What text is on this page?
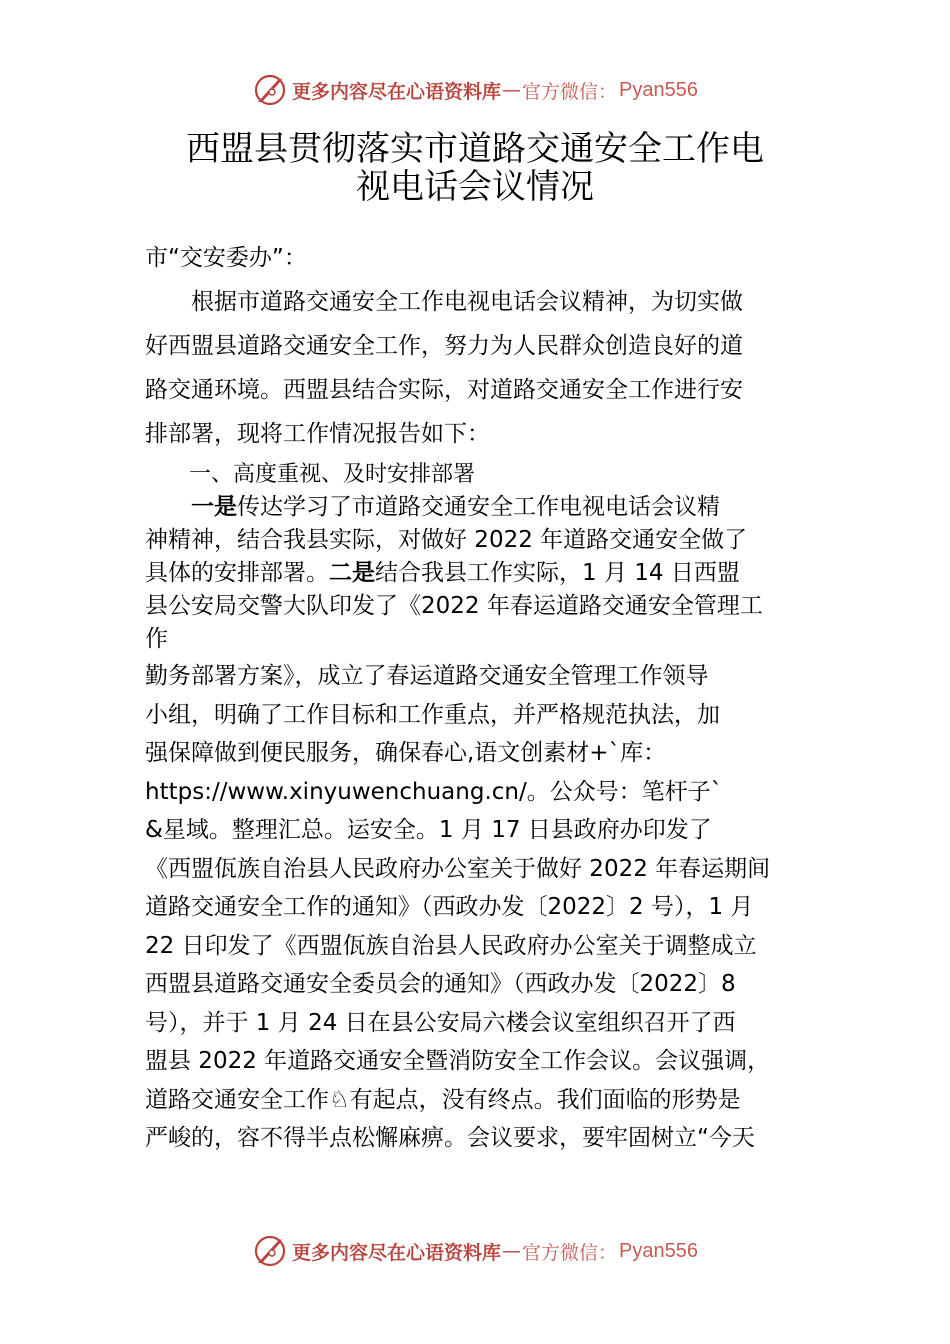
更多内容尽在心语资料库 — 官方微信： Pyan556
西盟县贯彻落实市道路交通安全工作电
视电话会议情况
市“交安委办”：
　　根据市道路交通安全工作电视电话会议精神，为切实做
好西盟县道路交通安全工作，努力为人民群众创造良好的道
路交通环境。西盟县结合实际，对道路交通安全工作进行安
排部署，现将工作情况报告如下：
　　一、高度重视、及时安排部署
　　一是传达学习了市道路交通安全工作电视电话会议精
神精神，结合我县实际，对做好 2022 年道路交通安全做了
具体的安排部署。二是结合我县工作实际，1 月 14 日西盟
县公安局交警大队印发了《2022 年春运道路交通安全管理工
作
勤务部署方案》，成立了春运道路交通安全管理工作领导
小组，明确了工作目标和工作重点，并严格规范执法，加
强保障做到便民服务，确保春心,语文创素材+`库：
https://www.xinyuwenchuang.cn/。公众号：笔杆子`
&星域。整理汇总。运安全。1 月 17 日县政府办印发了
《西盟佤族自治县人民政府办公室关于做好 2022 年春运期间
道路交通安全工作的通知》（西政办发〔2022〕2 号），1 月
22 日印发了《西盟佤族自治县人民政府办公室关于调整成立
西盟县道路交通安全委员会的通知》（西政办发〔2022〕8
号），并于 1 月 24 日在县公安局六楼会议室组织召开了西
盟县 2022 年道路交通安全暨消防安全工作会议。会议强调，
道路交通安全工作♘有起点，没有终点。我们面临的形势是
严峻的，容不得半点松懈麻痹。会议要求，要牢固树立“今天
更多内容尽在心语资料库 — 官方微信： Pyan556
